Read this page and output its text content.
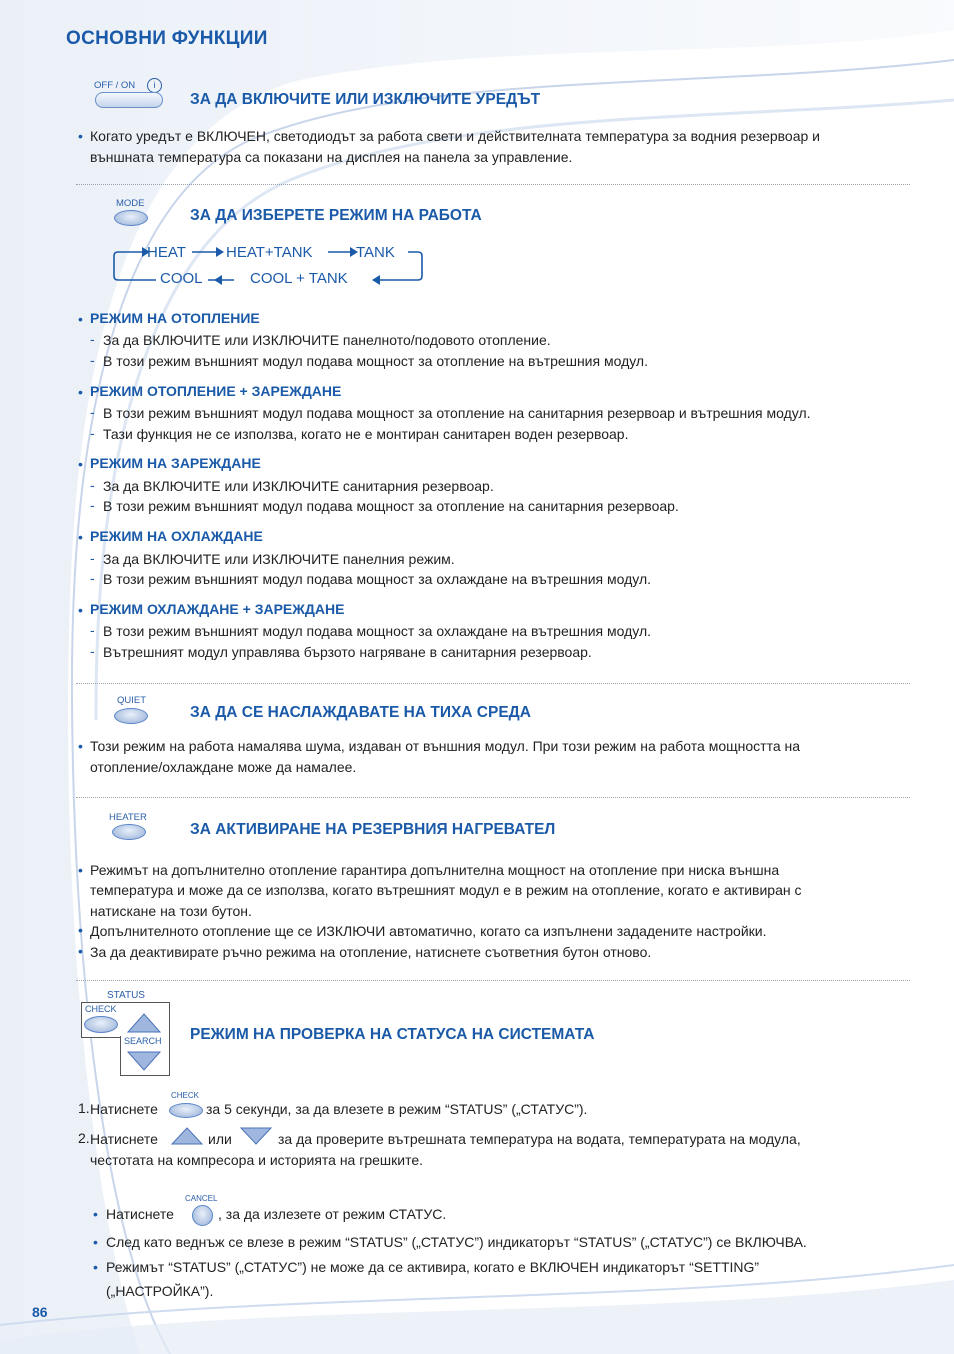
ОСНОВНИ ФУНКЦИИ
OFF / ON	i
ЗА ДА ВКЛЮЧИТЕ ИЛИ ИЗКЛЮЧИТЕ УРЕДЪТ
• Когато уредът е ВКЛЮЧЕН, светодиодът за работа свети и действителната температура за водния резервоар и
външната температура са показани на дисплея на панела за управление.
MODE
ЗА ДА ИЗБЕРЕТЕ РЕЖИМ НА РАБОТА
HEAT	HEAT+TANK	TANK
COOL + TANK
COOL
• РЕЖИМ НА ОТОПЛЕНИЕ
- За да ВКЛЮЧИТЕ или ИЗКЛЮЧИТЕ панелното/подовото отопление.
- В този режим външният модул подава мощност за отопление на вътрешния модул.
• РЕЖИМ ОТОПЛЕНИЕ + ЗАРЕЖДАНЕ
- В този режим външният модул подава мощност за отопление на санитарния резервоар и вътрешния модул.
- Тази функция не се използва, когато не е монтиран санитарен воден резервоар.
• РЕЖИМ НА ЗАРЕЖДАНЕ
- За да ВКЛЮЧИТЕ или ИЗКЛЮЧИТЕ санитарния резервоар.
- В този режим външният модул подава мощност за отопление на санитарния резервоар.
• РЕЖИМ НА ОХЛАЖДАНЕ
- За да ВКЛЮЧИТЕ или ИЗКЛЮЧИТЕ панелния режим.
- В този режим външният модул подава мощност за охлаждане на вътрешния модул.
• РЕЖИМ ОХЛАЖДАНЕ + ЗАРЕЖДАНЕ
- В този режим външният модул подава мощност за охлаждане на вътрешния модул.
- Вътрешният модул управлява бързото нагряване в санитарния резервоар.
QUIET
ЗА ДА СЕ НАСЛАЖДАВАТЕ НА ТИХА СРЕДА
• Този режим на работа намалява шума, издаван от външния модул. При този режим на работа мощността на
отопление/охлаждане може да намалее.
HEATER
ЗА АКТИВИРАНЕ НА РЕЗЕРВНИЯ НАГРЕВАТЕЛ
• Режимът на допълнително отопление гарантира допълнителна мощност на отопление при ниска външна
температура и може да се използва, когато вътрешният модул е в режим на отопление, когато е активиран с
натискане на този бутон.
• Допълнителното отопление ще се ИЗКЛЮЧИ автоматично, когато са изпълнени зададените настройки.
• За да деактивирате ръчно режима на отопление, натиснете съответния бутон отново.
STATUS
CHECK
SEARCH РЕЖИМ НА ПРОВЕРКА НА СТАТУСА НА СИСТЕМАТА
1. Натиснете
CHECK
за 5 секунди, за да влезете в режим “STATUS” („СТАТУС”).
2. Натиснете	или	за да проверите вътрешната температура на водата, температурата на модула,
честотата на компресора и историята на грешките.
• Натиснете
CANCEL
, за да излезете от режим СТАТУС.
• След като веднъж се влезе в режим “STATUS” („СТАТУС”) индикаторът “STATUS” („СТАТУС”) се ВКЛЮЧВА.
• Режимът “STATUS” („СТАТУС”) не може да се активира, когато е ВКЛЮЧЕН индикаторът “SETTING”
(„НАСТРОЙКА”).
86
